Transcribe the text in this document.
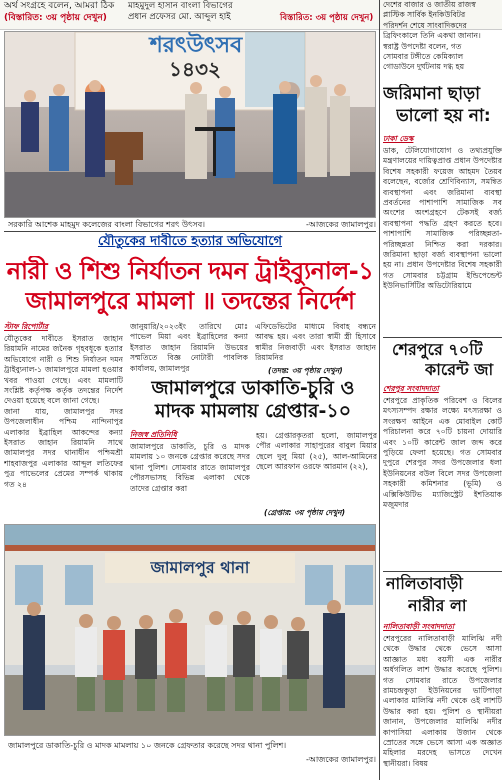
অর্থ সংগ্রহে বলেন, আমরা ঠিক
(বিস্তারিত: ৩য় পৃষ্ঠায় দেখুন)
মাহমুদুল হাসান বাংলা বিভাগের
প্রধান প্রফেসর মো. আব্দুল হাই	বিস্তারিত: ৩য় পৃষ্ঠায় দেখুন)
শরৎউৎসব
১৪৩২
সরকারি আশেক মাহমুদ কলেজের বাংলা বিভাগের শরৎ উৎসব।	-আজকের জামালপুর।
যৌতুকের দাবীতে হত্যার অভিযোগে
নারী ও শিশু নির্যাতন দমন ট্রাইব্যুনাল-১
জামালপুরে মামলা ॥ তদন্তের নির্দেশ
স্টাফ রিপোর্টার

যৌতুকের দাবীতে ইসরাত জাহান রিয়ামনি নামের জনৈক গৃহবধূকে হত্যার অভিযোগে নারী ও শিশু নির্যাতন দমন ট্রাইব্যুনাল-১ জামালপুরে মামলা হওয়ার খবর পাওয়া গেছে। এবং মামলাটি সংশ্লিষ্ট কর্তৃপক্ষ কর্তৃক তদন্তের নির্দেশ দেওয়া হয়েছে বলে জানা গেছে।

জানা যায়, জামালপুর সদর উপজেলাধীন পশ্চিম নান্দিনাপুর এলাকার ইব্রাহিল আকন্দের কন্যা ইসরাত জাহান রিয়ামনি সাথে জামালপুর সদর থানাধীন পশ্চিমশ্রী শাহবাজপুর এলাকার আব্দুল লতিফের পুত্র পাভেলের প্রেমের সম্পর্ক থাকায় গত ২৪

জানুয়ারি/২০২৩ইং তারিখে মোঃ পাভেল মিয়া এবং ইব্রাহিলের কন্যা ইসরাত জাহান রিয়ামনি উভয়ের সম্মতিতে বিজ্ঞ নোটারী পাবলিক কার্যালয়, জামালপুর

এফিডেভিটের মাধ্যমে বিবাহ বন্ধনে আবদ্ধ হয়। এবং তারা স্বামী স্ত্রী হিসাবে স্বামীর নিজবাড়ী এবং ইসরাত জাহান রিয়ামনির

(তদন্ত: ৩য় পৃষ্ঠায় দেখুন)
জামালপুরে ডাকাতি-চুরি ও
মাদক মামলায় গ্রেপ্তার-১০
নিজস্ব প্রতিনিধি

জামালপুরে ডাকাতি, চুরি ও মাদক মামলায় ১০ জনকে গ্রেপ্তার করেছে সদর থানা পুলিশ। সোমবার রাতে জামালপুর পৌরসভাসহ বিভিন্ন এলাকা থেকে তাদের গ্রেপ্তার করা

হয়। গ্রেপ্তারকৃতরা হলো, জামালপুর পৌর এলাকার সাহাপুরের বাবুল মিয়ার ছেলে দুলু মিয়া (২৫), আল-আমিনের ছেলে আরফান ওরফে আরমান (২২),

(গ্রেপ্তার: ৩য় পৃষ্ঠায় দেখুন)
জামালপুর থানা
জামালপুরে ডাকাতি-চুরি ও মাদক মামলায় ১০ জনকে গ্রেফতার করেছে সদর থানা পুলিশ।
-আজকের জামালপুর।

দেশের বাজার ও জাতীয় রাজস্ব

প্লাস্টিক সার্বিক ইনকিউবিটর

পরিদর্শন শেষে সাংবাদিকদের

ব্রিফিংকালে তিনি একথা জানান।

স্বরাষ্ট্র উপদেষ্টা বলেন, গত

সোমবার টঙ্গীতে কেমিক্যাল

গোডাউনে দুর্ঘটনায় দগ্ধ হয়

জরিমানা ছাড়া
ভালো হয় না:
ঢাকা ডেস্ক

ডাক, টেলিযোগাযোগ ও তথ্যপ্রযুক্তি মন্ত্রণালয়ের দায়িত্বপ্রাপ্ত প্রধান উপদেষ্টার বিশেষ সহকারী ফয়েজ আহমদ তৈয়ব বলেছেন, বর্জ্যের শ্রেণিবিন্যাস, সমন্বিত ব্যবস্থাপনা এবং জরিমানা ব্যবস্থা প্রবর্তনের পাশাপাশি সামাজিক সব অংশের অংশগ্রহণে টেকসই বর্জ্য ব্যবস্থাপনা পদ্ধতি গ্রহণ করতে হবে। পাশাপাশি সামাজিক পরিচ্ছন্নতা-পরিচ্ছন্নতা নিশ্চিত করা দরকার। জরিমানা ছাড়া বর্জ্য ব্যবস্থাপনা ভালো হয় না। প্রধান উপদেষ্টার বিশেষ সহকারী গত সোমবার চট্টগ্রাম ইন্ডিপেন্ডেন্ট ইউনিভার্সিটির অডিটোরিয়ামে

শেরপুরে ৭০টি
কারেন্ট জা
শেরপুর সংবাদদাতা

শেরপুরে প্রাকৃতিক পরিবেশ ও বিলের মৎস্যসম্পদ রক্ষার লক্ষ্যে মৎস্যরক্ষা ও সংরক্ষণ আইনে এক মোবাইল কোর্ট পরিচালনা করে ৭০টি চায়না দোয়ারি এবং ১০টি কারেন্ট জাল জব্দ করে পুড়িয়ে ফেলা হয়েছে। গত সোমবার দুপুরে শেরপুর সদর উপজেলার ধলা ইউনিয়নের বউল বিলে সদর উপজেলা সহকারী কমিশনার (ভূমি) ও এক্সিকিউটিভ ম্যাজিস্ট্রেট ইশতিয়াক মজুমদার

নালিতাবাড়ী
নারীর লা
নালিতাবাড়ী সংবাদদাতা

শেরপুরের নালিতাবাড়ী মালিঝি নদী থেকে উদ্ধার থেকে ভেসে আসা আজ্ঞাত মধ্য বয়সী এক নারীর অর্ধগলিত লাশ উদ্ধার করেছে পুলিশ। গত সোমবার রাতে উপজেলার রামচন্দ্রকুড়া ইউনিয়নের ভাটিপাড়া এলাকার মালিঝি নদী থেকে ওই লাশটি উদ্ধার করা হয়। পুলিশ ও স্থানীয়রা জানান, উপজেলার মালিঝি নদীর কাপাসিয়া এলাকায় উজান থেকে স্রোতের সঙ্গে ভেসে আসা এক অজ্ঞাত মহিলার মরদেহ ভাসতে দেখেন স্থানীয়রা। বিষয়
